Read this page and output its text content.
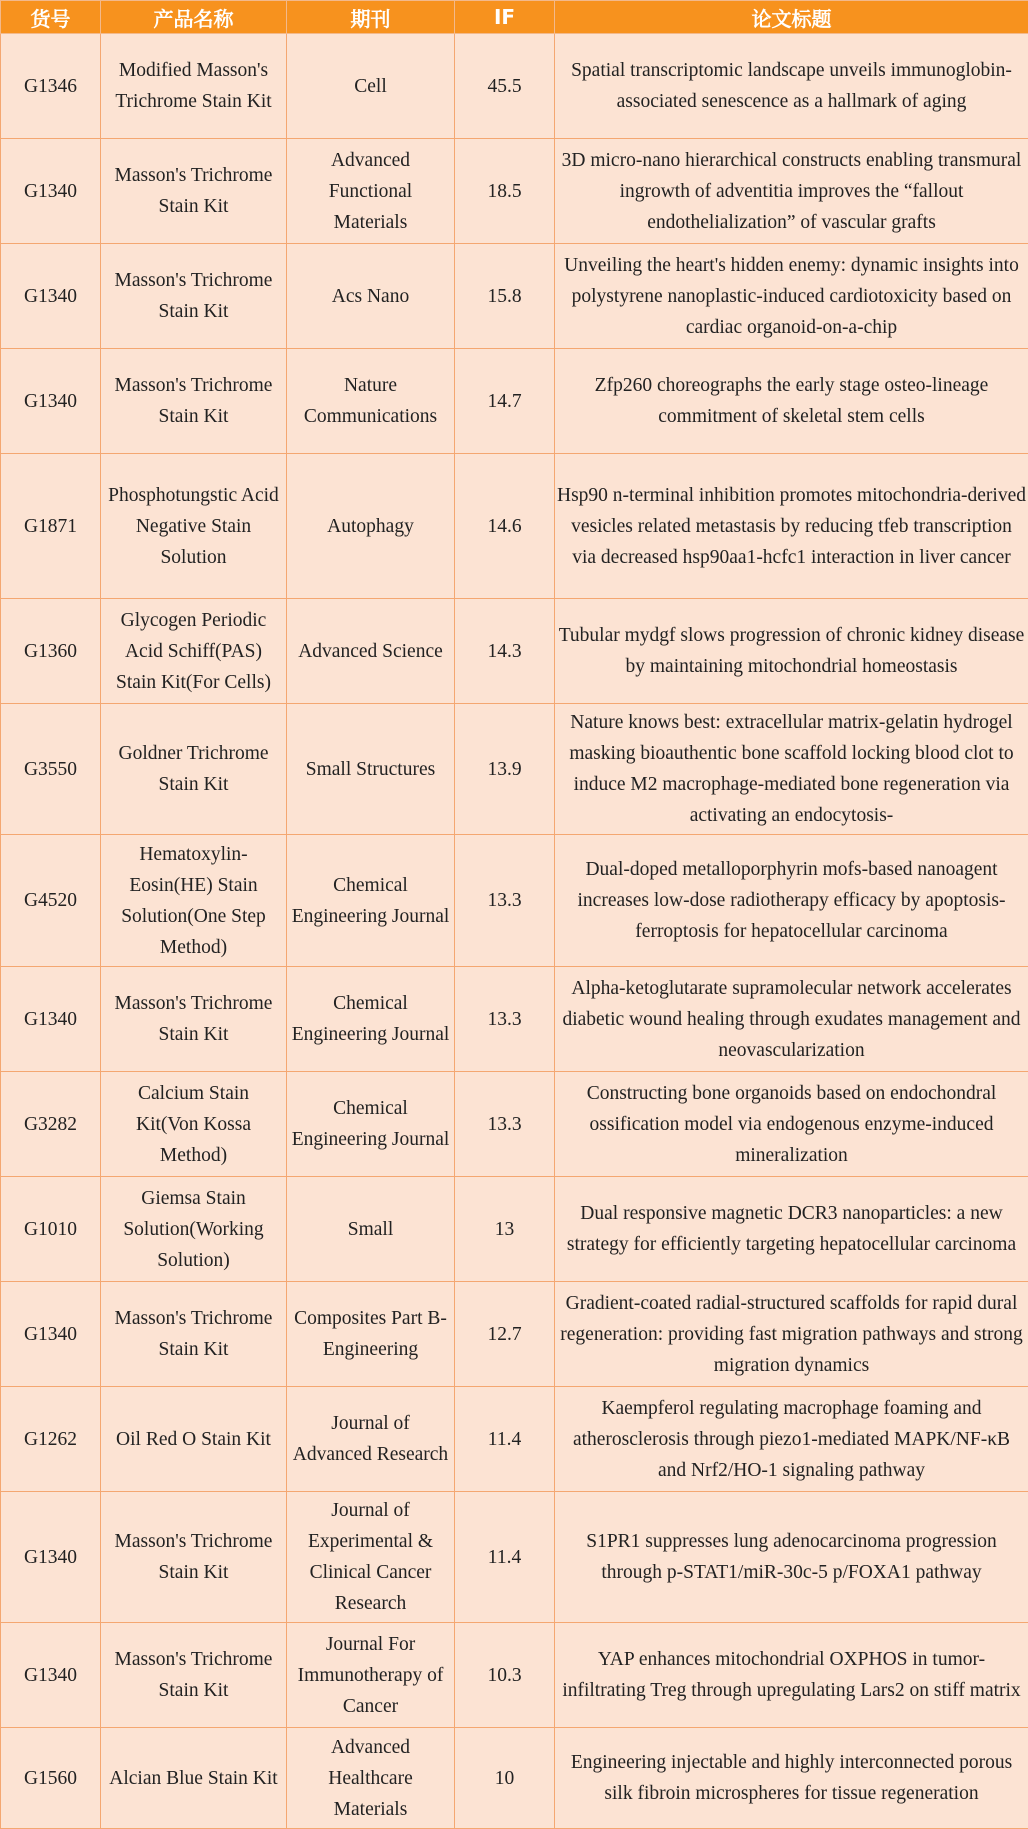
货号	产品名称	期刊	IF	论文标题
G1346	Modified Masson's Trichrome Stain Kit	Cell	45.5	Spatial transcriptomic landscape unveils immunoglobin-associated senescence as a hallmark of aging
G1340	Masson's Trichrome Stain Kit	Advanced Functional Materials	18.5	3D micro-nano hierarchical constructs enabling transmural ingrowth of adventitia improves the “fallout endothelialization” of vascular grafts
G1340	Masson's Trichrome Stain Kit	Acs Nano	15.8	Unveiling the heart's hidden enemy: dynamic insights into polystyrene nanoplastic-induced cardiotoxicity based on cardiac organoid-on-a-chip
G1340	Masson's Trichrome Stain Kit	Nature Communications	14.7	Zfp260 choreographs the early stage osteo-lineage commitment of skeletal stem cells
G1871	Phosphotungstic Acid Negative Stain Solution	Autophagy	14.6	Hsp90 n-terminal inhibition promotes mitochondria-derived vesicles related metastasis by reducing tfeb transcription via decreased hsp90aa1-hcfc1 interaction in liver cancer
G1360	Glycogen Periodic Acid Schiff(PAS) Stain Kit(For Cells)	Advanced Science	14.3	Tubular mydgf slows progression of chronic kidney disease by maintaining mitochondrial homeostasis
G3550	Goldner Trichrome Stain Kit	Small Structures	13.9	Nature knows best: extracellular matrix-gelatin hydrogel masking bioauthentic bone scaffold locking blood clot to induce M2 macrophage-mediated bone regeneration via activating an endocytosis-
G4520	Hematoxylin-Eosin(HE) Stain Solution(One Step Method)	Chemical Engineering Journal	13.3	Dual-doped metalloporphyrin mofs-based nanoagent increases low-dose radiotherapy efficacy by apoptosis-ferroptosis for hepatocellular carcinoma
G1340	Masson's Trichrome Stain Kit	Chemical Engineering Journal	13.3	Alpha-ketoglutarate supramolecular network accelerates diabetic wound healing through exudates management and neovascularization
G3282	Calcium Stain Kit(Von Kossa Method)	Chemical Engineering Journal	13.3	Constructing bone organoids based on endochondral ossification model via endogenous enzyme-induced mineralization
G1010	Giemsa Stain Solution(Working Solution)	Small	13	Dual responsive magnetic DCR3 nanoparticles: a new strategy for efficiently targeting hepatocellular carcinoma
G1340	Masson's Trichrome Stain Kit	Composites Part B-Engineering	12.7	Gradient-coated radial-structured scaffolds for rapid dural regeneration: providing fast migration pathways and strong migration dynamics
G1262	Oil Red O Stain Kit	Journal of Advanced Research	11.4	Kaempferol regulating macrophage foaming and atherosclerosis through piezo1-mediated MAPK/NF-κB and Nrf2/HO-1 signaling pathway
G1340	Masson's Trichrome Stain Kit	Journal of Experimental & Clinical Cancer Research	11.4	S1PR1 suppresses lung adenocarcinoma progression through p-STAT1/miR-30c-5 p/FOXA1 pathway
G1340	Masson's Trichrome Stain Kit	Journal For Immunotherapy of Cancer	10.3	YAP enhances mitochondrial OXPHOS in tumor-infiltrating Treg through upregulating Lars2 on stiff matrix
G1560	Alcian Blue Stain Kit	Advanced Healthcare Materials	10	Engineering injectable and highly interconnected porous silk fibroin microspheres for tissue regeneration
